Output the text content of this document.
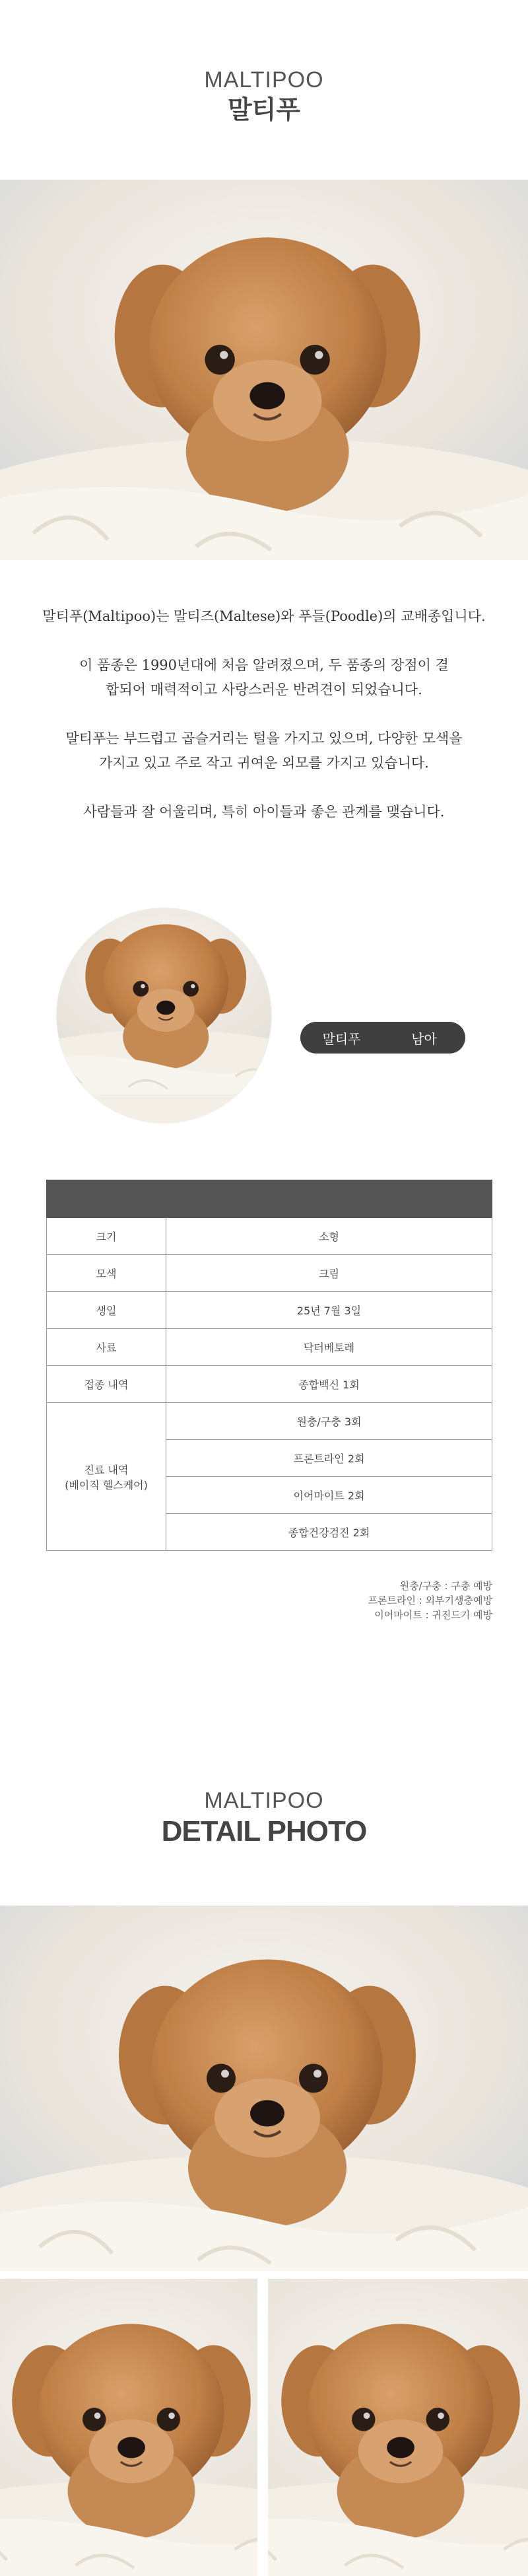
MALTIPOO
말티푸

말티푸(Maltipoo)는 말티즈(Maltese)와 푸들(Poodle)의 교배종입니다.

이 품종은 1990년대에 처음 알려졌으며, 두 품종의 장점이 결합되어 매력적이고 사랑스러운 반려견이 되었습니다.

말티푸는 부드럽고 곱슬거리는 털을 가지고 있으며, 다양한 모색을 가지고 있고 주로 작고 귀여운 외모를 가지고 있습니다.

사람들과 잘 어울리며, 특히 아이들과 좋은 관계를 맺습니다.

말티푸	남아

크기	소형
모색	크림
생일	25년 7월 3일
사료	닥터베토레
접종 내역	종합백신 1회

진료 내역
(베이직 헬스케어)	원충/구충 3회
	프론트라인 2회
	이어마이트 2회
	종합건강검진 2회
원충/구충 : 구충 예방
프론트라인 : 외부기생충예방
이어마이트 : 귀진드기 예방
MALTIPOO
DETAIL PHOTO
